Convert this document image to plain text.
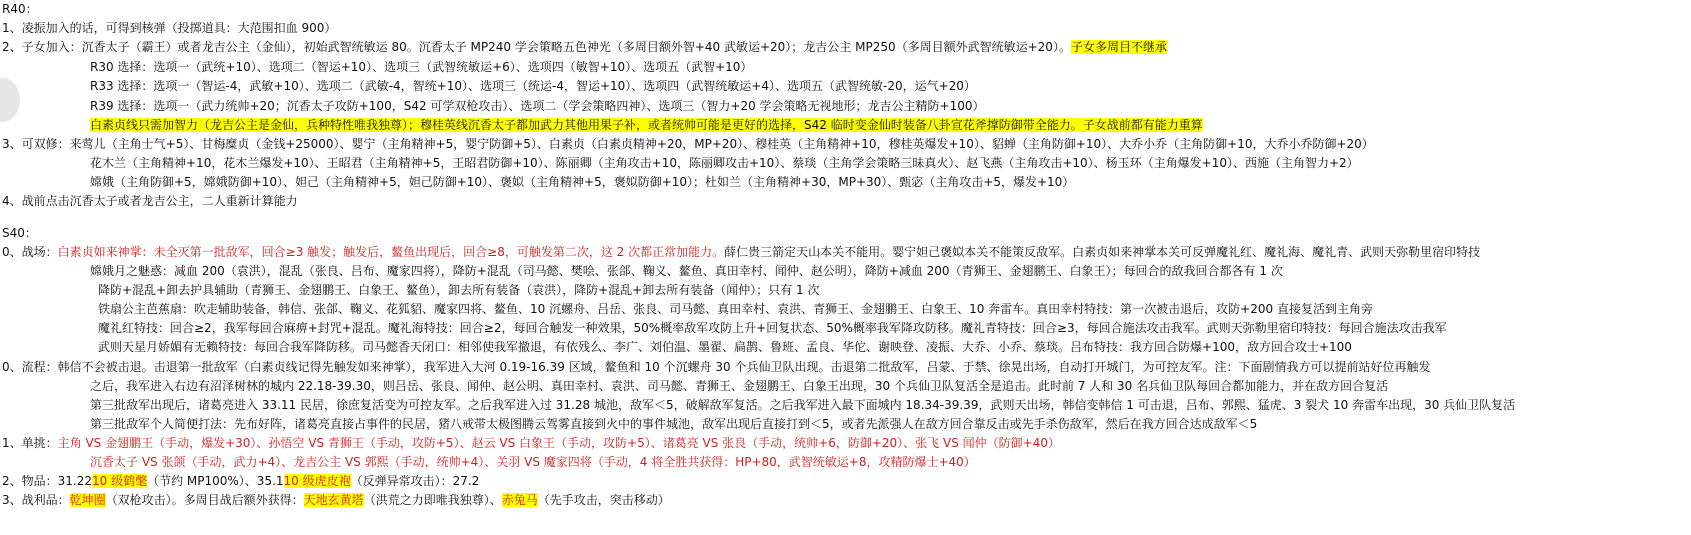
R40：
1、凌振加入的话，可得到核弹（投掷道具：大范围扣血 900）
2、子女加入：沉香太子（霸王）或者龙吉公主（金仙），初始武智统敏运 80。沉香太子 MP240 学会策略五色神光（多周目额外智+40 武敏运+20）；龙吉公主 MP250（多周目额外武智统敏运+20）。子女多周目不继承
R30 选择：选项一（武统+10）、选项二（智运+10）、选项三（武智统敏运+6）、选项四（敏智+10）、选项五（武智+10）
R33 选择：选项一（智运-4，武敏+10）、选项二（武敏-4，智统+10）、选项三（统运-4，智运+10）、选项四（武智统敏运+4）、选项五（武智统敏-20，运气+20）
R39 选择：选项一（武力统帅+20；沉香太子攻防+100，S42 可学双枪攻击）、选项二（学会策略四神）、选项三（智力+20 学会策略无视地形；龙吉公主精防+100）
白素贞线只需加智力（龙吉公主是金仙，兵种特性唯我独尊）；穆桂英线沉香太子都加武力其他用果子补，或者统帅可能是更好的选择，S42 临时变金仙时装备八卦宣花斧撑防御带全能力。子女战前都有能力重算
3、可双修：来莺儿（主角士气+5）、甘梅糜贞（金钱+25000）、婴宁（主角精神+5，婴宁防御+5）、白素贞（白素贞精神+20，MP+20）、穆桂英（主角精神+10，穆桂英爆发+10）、貂蝉（主角防御+10）、大乔小乔（主角防御+10，大乔小乔防御+20）
花木兰（主角精神+10，花木兰爆发+10）、王昭君（主角精神+5，王昭君防御+10）、陈丽卿（主角攻击+10，陈丽卿攻击+10）、蔡琰（主角学会策略三昧真火）、赵飞燕（主角攻击+10）、杨玉环（主角爆发+10）、西施（主角智力+2）
嫦娥（主角防御+5，嫦娥防御+10）、妲己（主角精神+5，妲己防御+10）、褒姒（主角精神+5，褒姒防御+10）；杜如兰（主角精神+30，MP+30）、甄宓（主角攻击+5，爆发+10）
4、战前点击沉香太子或者龙吉公主，二人重新计算能力
S40：
0、战场：白素贞如来神掌：未全灭第一批敌军，回合≥3 触发；触发后，鳌鱼出现后，回合≥8，可触发第二次，这 2 次都正常加能力。薛仁贵三箭定天山本关不能用。婴宁妲己褒姒本关不能策反敌军。白素贞如来神掌本关可反弹魔礼红、魔礼海、魔礼青、武则天弥勒里宿印特技
嫦娥月之魅惑：减血 200（袁洪），混乱（张良、吕布、魔家四将），降防+混乱（司马懿、樊哙、张郃、鞠义、鳌鱼、真田幸村、闻仲、赵公明），降防+减血 200（青狮王、金翅鹏王、白象王）；每回合的敌我回合都各有 1 次
降防+混乱+卸去护具辅助（青狮王、金翅鹏王、白象王、鳌鱼），卸去所有装备（袁洪），降防+混乱+卸去所有装备（闻仲）；只有 1 次
铁扇公主芭蕉扇：吹走辅助装备，韩信、张郃、鞠义、花狐貂、魔家四将、鳌鱼、10 沉螺舟、吕岳、张良、司马懿、真田幸村、袁洪、青狮王、金翅鹏王、白象王、10 奔雷车。真田幸村特技：第一次被击退后，攻防+200 直接复活到主角旁
魔礼红特技：回合≥2，我军每回合麻痹+封咒+混乱。魔礼海特技：回合≥2，每回合触发一种效果，50%概率敌军攻防上升+回复状态、50%概率我军降攻防移。魔礼青特技：回合≥3，每回合施法攻击我军。武则天弥勒里宿印特技：每回合施法攻击我军
武则天星月娇媚有无赖特技：每回合我军降防移。司马懿香天闭口：相邻使我军撤退，有依残么、李广、刘伯温、墨翟、扁鹊、鲁班、孟良、华佗、谢映登、凌振、大乔、小乔、蔡琰。吕布特技：我方回合防爆+100，敌方回合攻士+100
0、流程：韩信不会被击退。击退第一批敌军（白素贞线记得先触发如来神掌），我军进入大河 0.19-16.39 区域，鳌鱼和 10 个沉螺舟 30 个兵仙卫队出现。击退第二批敌军，吕蒙、于禁、徐晃出场，自动打开城门，为可控友军。注：下面剧情我方可以提前站好位再触发
之后，我军进入右边有沼泽树林的城内 22.18-39.30，则吕岳、张良、闻仲、赵公明、真田幸村、袁洪、司马懿、青狮王、金翅鹏王、白象王出现，30 个兵仙卫队复活全是追击。此时前 7 人和 30 名兵仙卫队每回合都加能力，并在敌方回合复活
第三批敌军出现后，诸葛亮进入 33.11 民居，徐庶复活变为可控友军。之后我军进入过 31.28 城池，敌军＜5，破解敌军复活。之后我军进入最下面城内 18.34-39.39，武则天出场，韩信变韩信 1 可击退，吕布、郭熙、猛虎、3 裂犬 10 奔雷车出现，30 兵仙卫队复活
第三批敌军个人简便打法：先布好阵，诸葛亮直接占事件的民居，猪八戒带太极图腾云驾雾直接到火中的事件城池，敌军出现后直接打到＜5，或者先派强人在敌方回合靠反击或先手杀伤敌军，然后在我方回合达成敌军＜5
1、单挑：主角 VS 金翅鹏王（手动，爆发+30）、孙悟空 VS 青狮王（手动，攻防+5）、赵云 VS 白象王（手动，攻防+5）、诸葛亮 VS 张良（手动，统帅+6，防御+20）、张飞 VS 闻仲（防御+40）
沉香太子 VS 张颌（手动，武力+4）、龙吉公主 VS 郭熙（手动，统帅+4）、关羽 VS 魔家四将（手动，4 将全胜共获得：HP+80，武智统敏运+8，攻精防爆士+40）
2、物品：31.2210 级鹤氅（节约 MP100%）、35.110 级虎皮袍（反弹异常攻击）：27.2
3、战利品：乾坤圈（双枪攻击）。多周目战后额外获得：天地玄黄塔（洪荒之力即唯我独尊）、赤兔马（先手攻击，突击移动）
